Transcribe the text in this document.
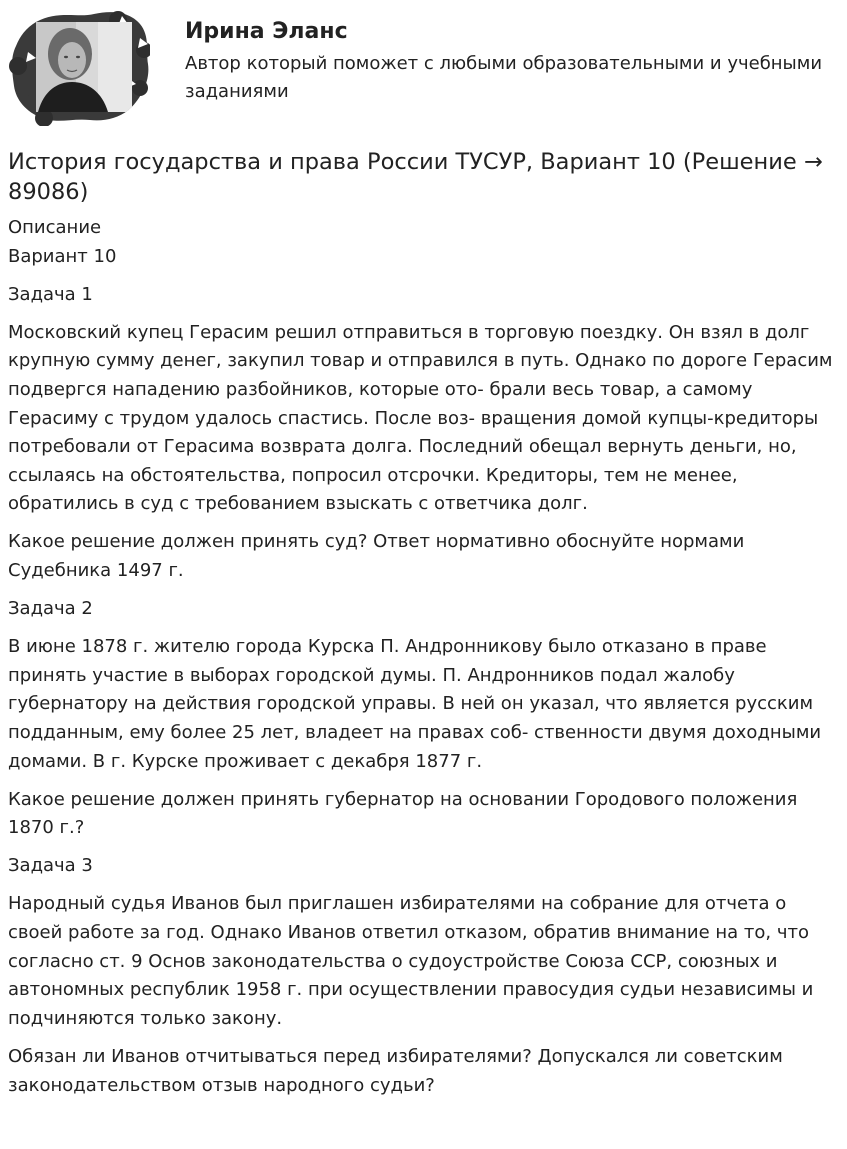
Ирина Эланс
Автор который поможет с любыми образовательными и учебными заданиями
История государства и права России ТУСУР, Вариант 10 (Решение → 89086)

Описание

Вариант 10

Задача 1

Московский купец Герасим решил отправиться в торговую поездку. Он взял в долг крупную сумму денег, закупил товар и отправился в путь. Однако по дороге Герасим подвергся нападению разбойников, которые ото- брали весь товар, а самому Герасиму с трудом удалось спастись. После воз- вращения домой купцы-кредиторы потребовали от Герасима возврата долга. Последний обещал вернуть деньги, но, ссылаясь на обстоятельства, попросил отсрочки. Кредиторы, тем не менее, обратились в суд с требованием взыскать с ответчика долг.

Какое решение должен принять суд? Ответ нормативно обоснуйте нормами Судебника 1497 г.

Задача 2

В июне 1878 г. жителю города Курска П. Андронникову было отказано в праве принять участие в выборах городской думы. П. Андронников подал жалобу губернатору на действия городской управы. В ней он указал, что является русским подданным, ему более 25 лет, владеет на правах соб- ственности двумя доходными домами. В г. Курске проживает с декабря 1877 г.

Какое решение должен принять губернатор на основании Городового положения 1870 г.?

Задача 3

Народный судья Иванов был приглашен избирателями на собрание для отчета о своей работе за год. Однако Иванов ответил отказом, обратив внимание на то, что согласно ст. 9 Основ законодательства о судоустройстве Союза ССР, союзных и автономных республик 1958 г. при осуществлении правосудия судьи независимы и подчиняются только закону.

Обязан ли Иванов отчитываться перед избирателями? Допускался ли советским законодательством отзыв народного судьи?
